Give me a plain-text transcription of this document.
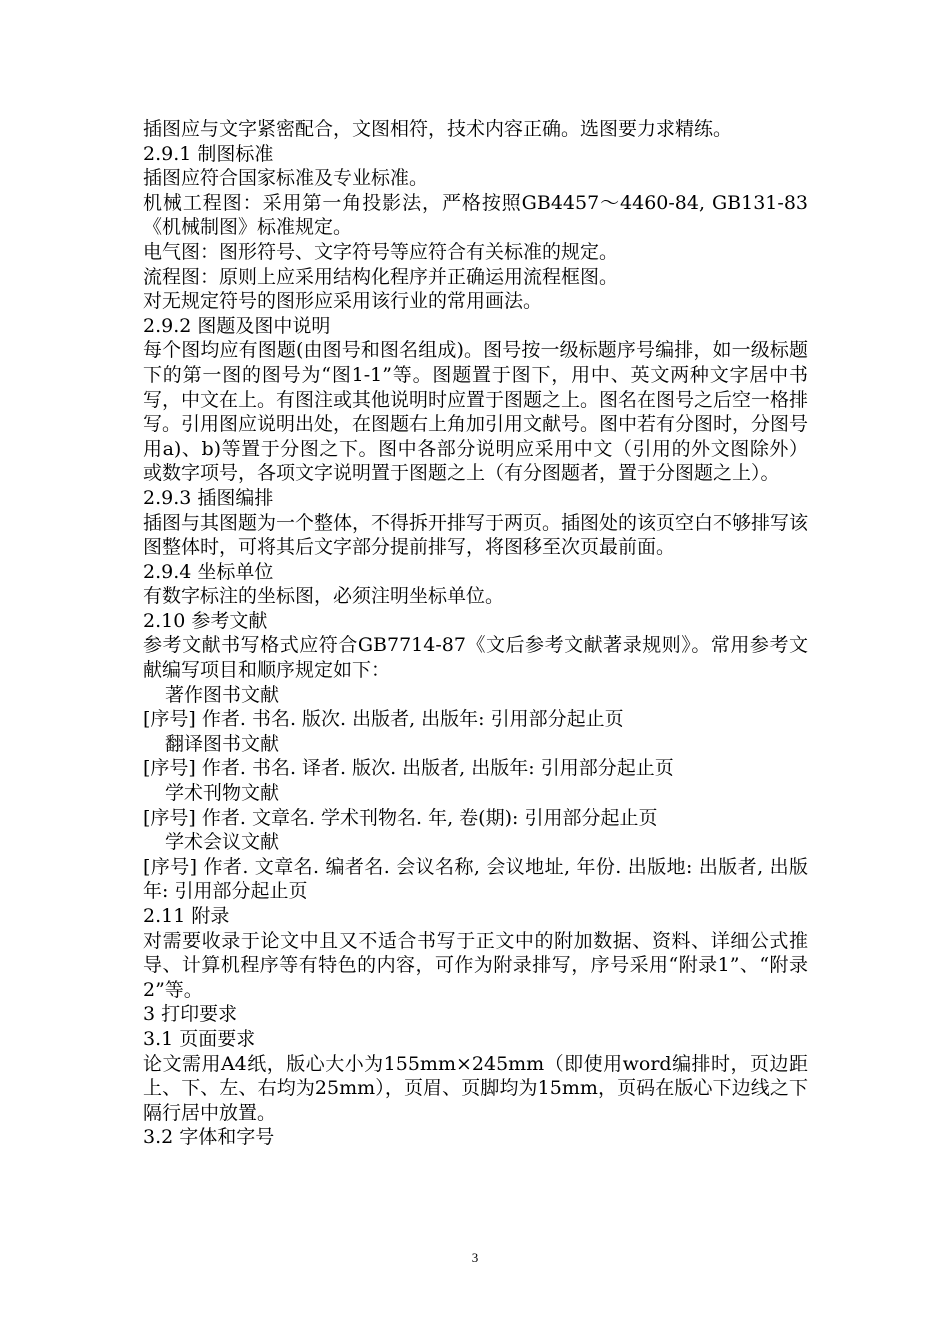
插图应与文字紧密配合，文图相符，技术内容正确。选图要力求精练。

2.9.1 制图标准

插图应符合国家标准及专业标准。

机械工程图：采用第一角投影法，严格按照GB4457～4460-84, GB131-83《机械制图》标准规定。

电气图：图形符号、文字符号等应符合有关标准的规定。

流程图：原则上应采用结构化程序并正确运用流程框图。

对无规定符号的图形应采用该行业的常用画法。

2.9.2 图题及图中说明

每个图均应有图题(由图号和图名组成)。图号按一级标题序号编排，如一级标题下的第一图的图号为“图1-1”等。图题置于图下，用中、英文两种文字居中书写，中文在上。有图注或其他说明时应置于图题之上。图名在图号之后空一格排写。引用图应说明出处，在图题右上角加引用文献号。图中若有分图时，分图号用a)、b)等置于分图之下。图中各部分说明应采用中文（引用的外文图除外）或数字项号，各项文字说明置于图题之上（有分图题者，置于分图题之上）。

2.9.3 插图编排

插图与其图题为一个整体，不得拆开排写于两页。插图处的该页空白不够排写该图整体时，可将其后文字部分提前排写，将图移至次页最前面。

2.9.4 坐标单位

有数字标注的坐标图，必须注明坐标单位。

2.10 参考文献

参考文献书写格式应符合GB7714-87《文后参考文献著录规则》。常用参考文献编写项目和顺序规定如下：

著作图书文献

[序号] 作者. 书名. 版次. 出版者, 出版年: 引用部分起止页

翻译图书文献

[序号] 作者. 书名. 译者. 版次. 出版者, 出版年: 引用部分起止页

学术刊物文献

[序号] 作者. 文章名. 学术刊物名. 年, 卷(期): 引用部分起止页

学术会议文献

[序号] 作者. 文章名. 编者名. 会议名称, 会议地址, 年份. 出版地: 出版者, 出版年: 引用部分起止页

2.11 附录

对需要收录于论文中且又不适合书写于正文中的附加数据、资料、详细公式推导、计算机程序等有特色的内容，可作为附录排写，序号采用“附录1”、“附录2”等。

3 打印要求

3.1 页面要求

论文需用A4纸，版心大小为155mm×245mm（即使用word编排时，页边距上、下、左、右均为25mm），页眉、页脚均为15mm，页码在版心下边线之下隔行居中放置。

3.2 字体和字号

3
